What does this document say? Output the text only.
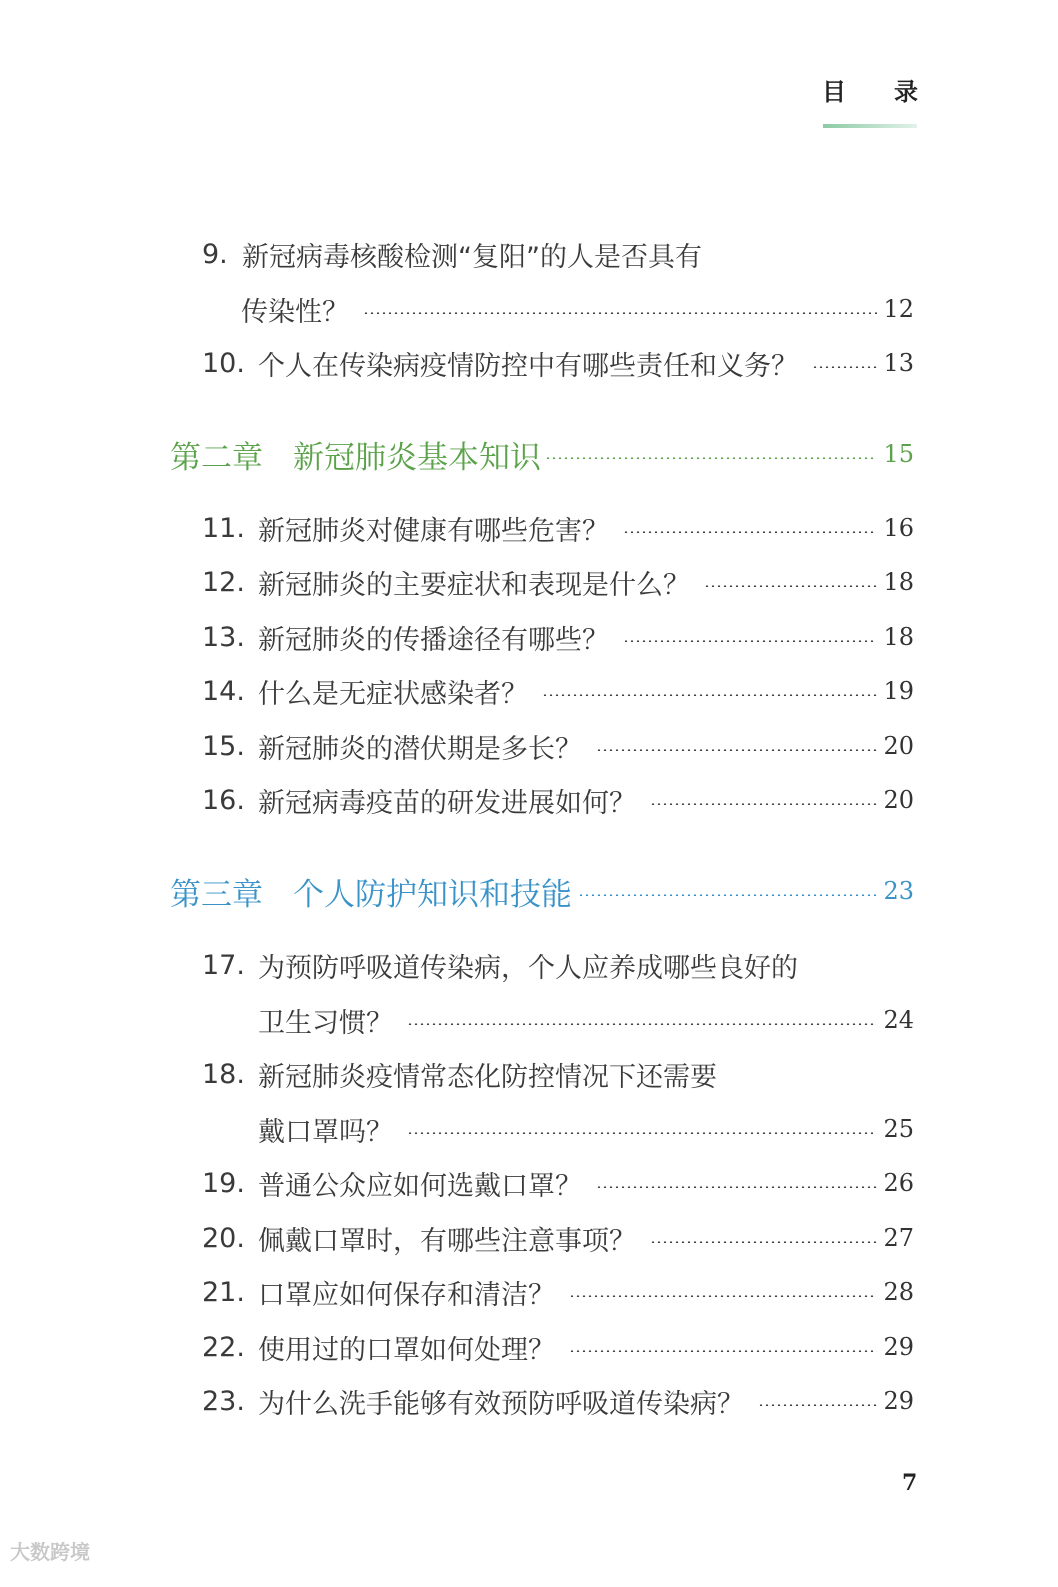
目 录
9. 新冠病毒核酸检测“复阳”的人是否具有
传染性？	12
10. 个人在传染病疫情防控中有哪些责任和义务？	13
第二章 新冠肺炎基本知识	15
11. 新冠肺炎对健康有哪些危害？	16
12. 新冠肺炎的主要症状和表现是什么？	18
13. 新冠肺炎的传播途径有哪些？	18
14. 什么是无症状感染者？	19
15. 新冠肺炎的潜伏期是多长？	20
16. 新冠病毒疫苗的研发进展如何？	20
第三章 个人防护知识和技能	23
17. 为预防呼吸道传染病，个人应养成哪些良好的
卫生习惯？	24
18. 新冠肺炎疫情常态化防控情况下还需要
戴口罩吗？	25
19. 普通公众应如何选戴口罩？	26
20. 佩戴口罩时，有哪些注意事项？	27
21. 口罩应如何保存和清洁？	28
22. 使用过的口罩如何处理？	29
23. 为什么洗手能够有效预防呼吸道传染病？	29
7
大数跨境
